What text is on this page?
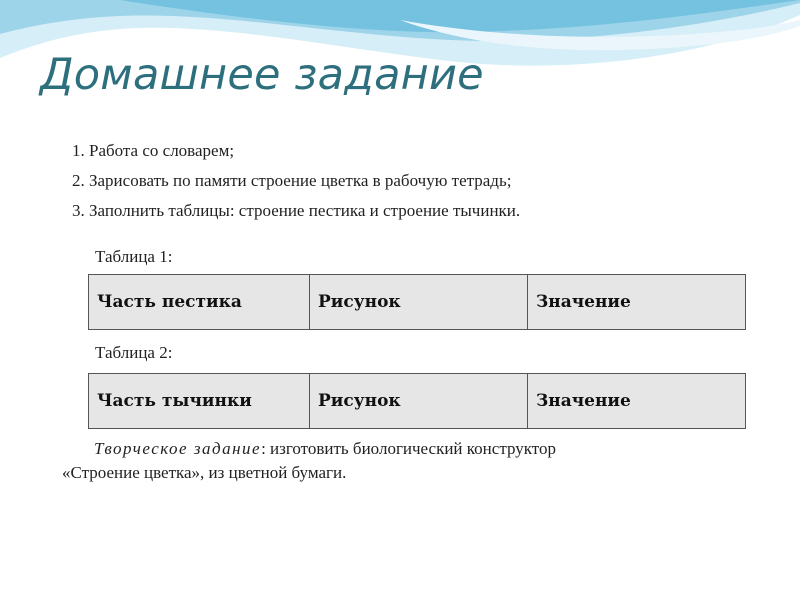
Домашнее задание
1. Работа со словарем;
2. Зарисовать по памяти строение цветка в рабочую тетрадь;
3. Заполнить таблицы: строение пестика и строение тычинки.
Таблица 1:
Часть пестика	Рисунок	Значение
Таблица 2:
Часть тычинки	Рисунок	Значение
Творческое задание: изготовить биологический конструктор
«Строение цветка», из цветной бумаги.
